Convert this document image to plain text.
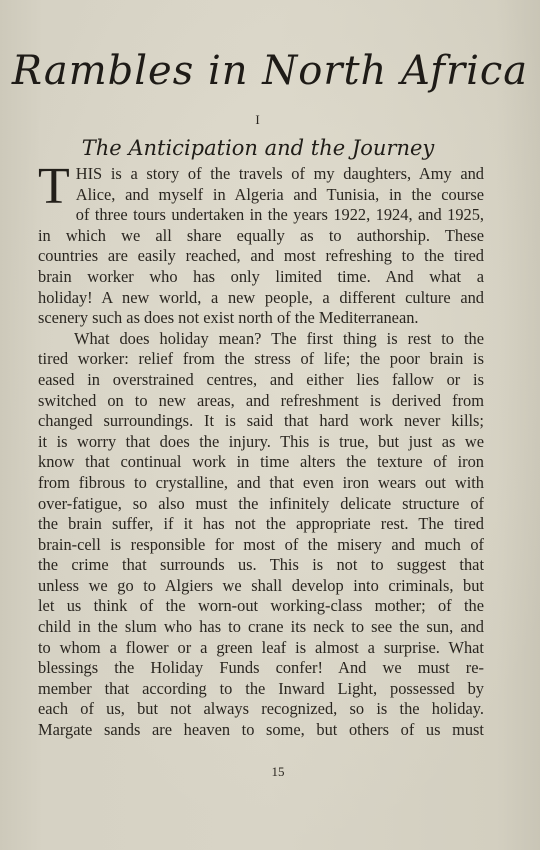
Rambles in North Africa
I
The Anticipation and the Journey
T HIS is a story of the travels of my daughters, Amy and
Alice, and myself in Algeria and Tunisia, in the course
of three tours undertaken in the years 1922, 1924, and 1925,
in which we all share equally as to authorship. These
countries are easily reached, and most refreshing to the tired
brain worker who has only limited time. And what a
holiday! A new world, a new people, a different culture and
scenery such as does not exist north of the Mediterranean.
What does holiday mean? The first thing is rest to the
tired worker: relief from the stress of life; the poor brain is
eased in overstrained centres, and either lies fallow or is
switched on to new areas, and refreshment is derived from
changed surroundings. It is said that hard work never kills;
it is worry that does the injury. This is true, but just as we
know that continual work in time alters the texture of iron
from fibrous to crystalline, and that even iron wears out with
over-fatigue, so also must the infinitely delicate structure of
the brain suffer, if it has not the appropriate rest. The tired
brain-cell is responsible for most of the misery and much of
the crime that surrounds us. This is not to suggest that
unless we go to Algiers we shall develop into criminals, but
let us think of the worn-out working-class mother; of the
child in the slum who has to crane its neck to see the sun, and
to whom a flower or a green leaf is almost a surprise. What
blessings the Holiday Funds confer! And we must re-
member that according to the Inward Light, possessed by
each of us, but not always recognized, so is the holiday.
Margate sands are heaven to some, but others of us must
15
